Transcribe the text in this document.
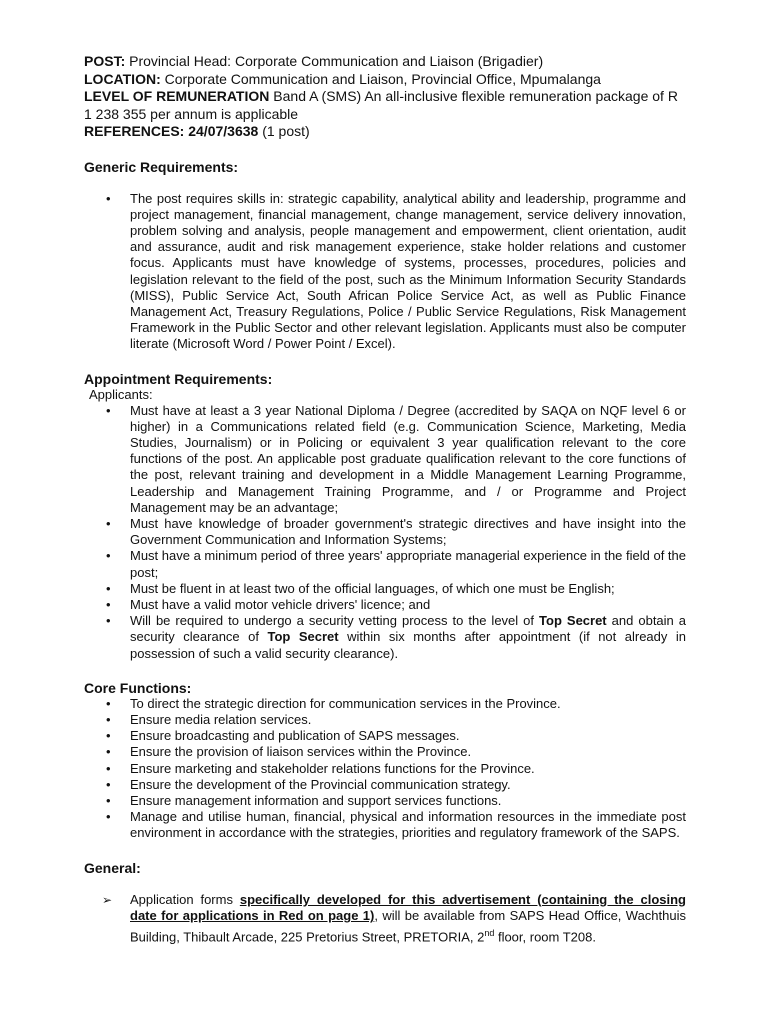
POST: Provincial Head: Corporate Communication and Liaison (Brigadier)

LOCATION: Corporate Communication and Liaison, Provincial Office, Mpumalanga

LEVEL OF REMUNERATION Band A (SMS) An all-inclusive flexible remuneration package of R 1 238 355 per annum is applicable

REFERENCES: 24/07/3638 (1 post)

Generic Requirements:

• The post requires skills in: strategic capability, analytical ability and leadership, programme and project management, financial management, change management, service delivery innovation, problem solving and analysis, people management and empowerment, client orientation, audit and assurance, audit and risk management experience, stake holder relations and customer focus. Applicants must have knowledge of systems, processes, procedures, policies and legislation relevant to the field of the post, such as the Minimum Information Security Standards (MISS), Public Service Act, South African Police Service Act, as well as Public Finance Management Act, Treasury Regulations, Police / Public Service Regulations, Risk Management Framework in the Public Sector and other relevant legislation. Applicants must also be computer literate (Microsoft Word / Power Point / Excel).

Appointment Requirements:

Applicants:
• Must have at least a 3 year National Diploma / Degree (accredited by SAQA on NQF level 6 or higher) in a Communications related field (e.g. Communication Science, Marketing, Media Studies, Journalism) or in Policing or equivalent 3 year qualification relevant to the core functions of the post. An applicable post graduate qualification relevant to the core functions of the post, relevant training and development in a Middle Management Learning Programme, Leadership and Management Training Programme, and / or Programme and Project Management may be an advantage;
• Must have knowledge of broader government's strategic directives and have insight into the Government Communication and Information Systems;
• Must have a minimum period of three years' appropriate managerial experience in the field of the post;
• Must be fluent in at least two of the official languages, of which one must be English;
• Must have a valid motor vehicle drivers' licence; and
• Will be required to undergo a security vetting process to the level of Top Secret and obtain a security clearance of Top Secret within six months after appointment (if not already in possession of such a valid security clearance).

Core Functions:

• To direct the strategic direction for communication services in the Province.
• Ensure media relation services.
• Ensure broadcasting and publication of SAPS messages.
• Ensure the provision of liaison services within the Province.
• Ensure marketing and stakeholder relations functions for the Province.
• Ensure the development of the Provincial communication strategy.
• Ensure management information and support services functions.
• Manage and utilise human, financial, physical and information resources in the immediate post environment in accordance with the strategies, priorities and regulatory framework of the SAPS.

General:

➢ Application forms specifically developed for this advertisement (containing the closing date for applications in Red on page 1), will be available from SAPS Head Office, Wachthuis Building, Thibault Arcade, 225 Pretorius Street, PRETORIA, 2nd floor, room T208.
